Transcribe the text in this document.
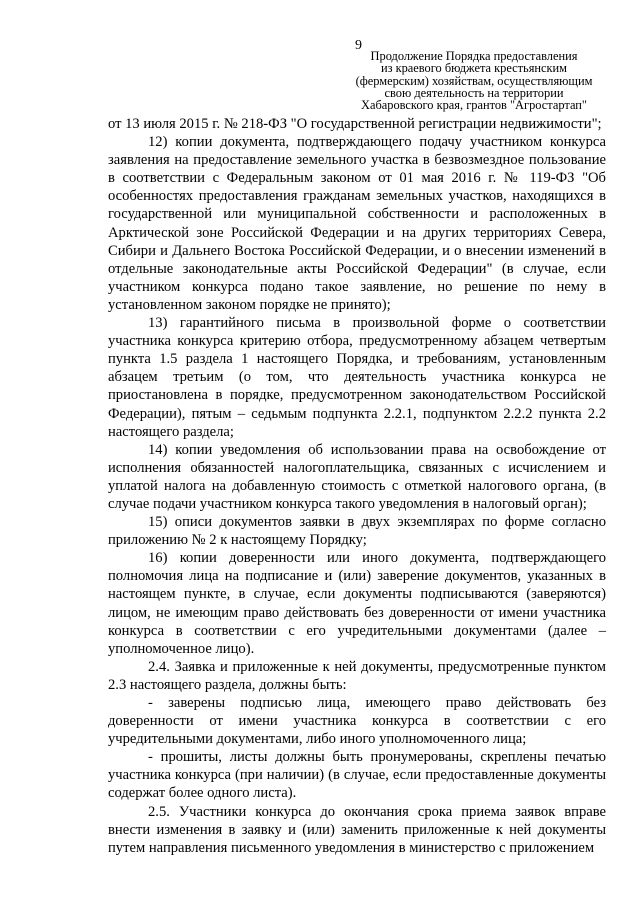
9
Продолжение Порядка предоставления
из краевого бюджета крестьянским
(фермерским) хозяйствам, осуществляющим
свою деятельность на территории
Хабаровского края, грантов "Агростартап"

от 13 июля 2015 г. № 218-ФЗ "О государственной регистрации недвижимости";

12) копии документа, подтверждающего подачу участником конкурса заявления на предоставление земельного участка в безвозмездное пользование в соответствии с Федеральным законом от 01 мая 2016 г. № 119-ФЗ "Об особенностях предоставления гражданам земельных участков, находящихся в государственной или муниципальной собственности и расположенных в Арктической зоне Российской Федерации и на других территориях Севера, Сибири и Дальнего Востока Российской Федерации, и о внесении изменений в отдельные законодательные акты Российской Федерации" (в случае, если участником конкурса подано такое заявление, но решение по нему в установленном законом порядке не принято);

13) гарантийного письма в произвольной форме о соответствии участника конкурса критерию отбора, предусмотренному абзацем четвертым пункта 1.5 раздела 1 настоящего Порядка, и требованиям, установленным абзацем третьим (о том, что деятельность участника конкурса не приостановлена в порядке, предусмотренном законодательством Российской Федерации), пятым – седьмым подпункта 2.2.1, подпунктом 2.2.2 пункта 2.2 настоящего раздела;

14) копии уведомления об использовании права на освобождение от исполнения обязанностей налогоплательщика, связанных с исчислением и уплатой налога на добавленную стоимость с отметкой налогового органа, (в случае подачи участником конкурса такого уведомления в налоговый орган);

15) описи документов заявки в двух экземплярах по форме согласно приложению № 2 к настоящему Порядку;

16) копии доверенности или иного документа, подтверждающего полномочия лица на подписание и (или) заверение документов, указанных в настоящем пункте, в случае, если документы подписываются (заверяются) лицом, не имеющим право действовать без доверенности от имени участника конкурса в соответствии с его учредительными документами (далее – уполномоченное лицо).

2.4. Заявка и приложенные к ней документы, предусмотренные пунктом 2.3 настоящего раздела, должны быть:

- заверены подписью лица, имеющего право действовать без доверенности от имени участника конкурса в соответствии с его учредительными документами, либо иного уполномоченного лица;

- прошиты, листы должны быть пронумерованы, скреплены печатью участника конкурса (при наличии) (в случае, если предоставленные документы содержат более одного листа).

2.5. Участники конкурса до окончания срока приема заявок вправе внести изменения в заявку и (или) заменить приложенные к ней документы путем направления письменного уведомления в министерство с приложением
